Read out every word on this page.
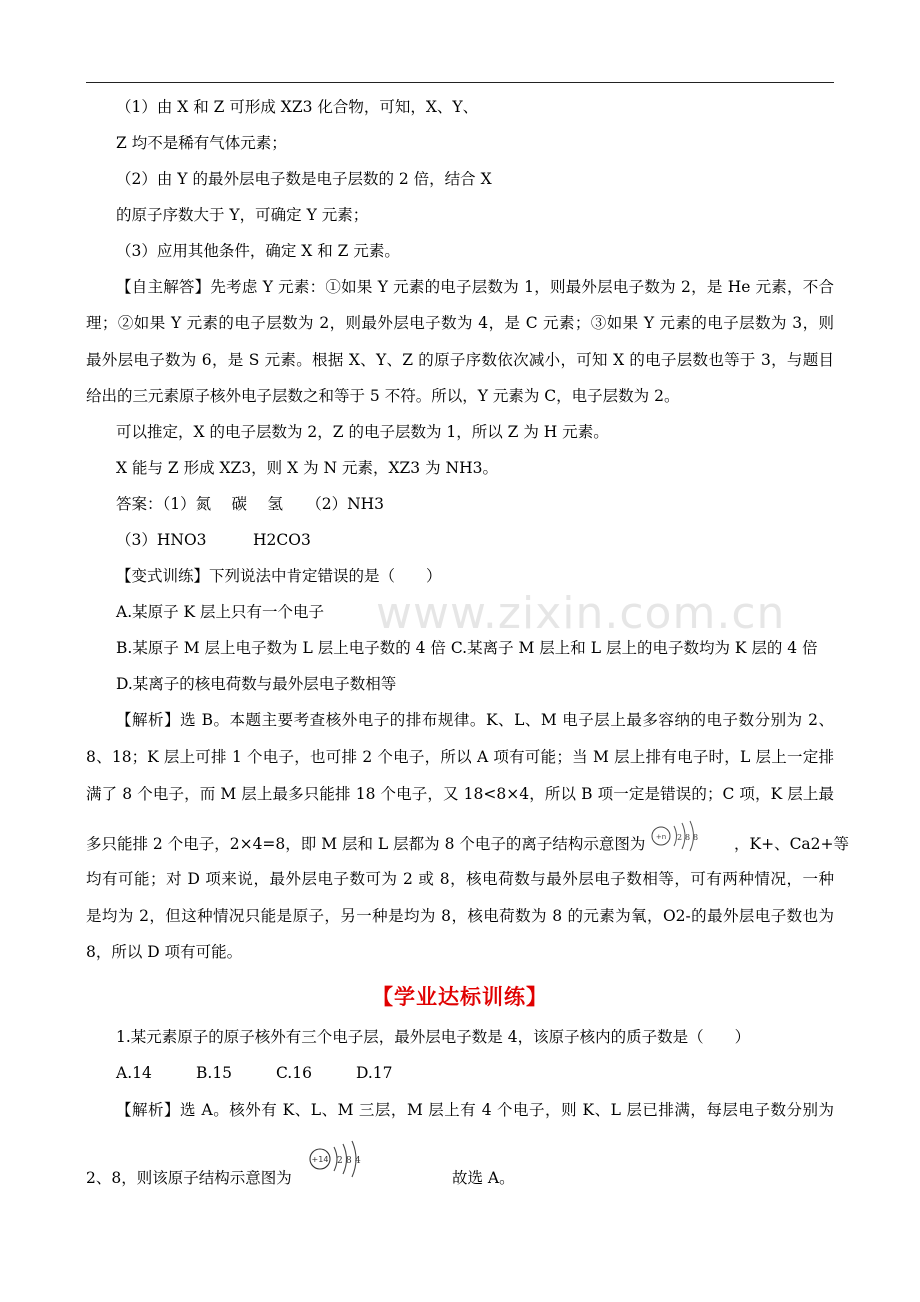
www.zixin.com.cn
（1）由 X 和 Z 可形成 XZ3 化合物，可知，X、Y、
Z 均不是稀有气体元素；
（2）由 Y 的最外层电子数是电子层数的 2 倍，结合 X
的原子序数大于 Y，可确定 Y 元素；
（3）应用其他条件，确定 X 和 Z 元素。
【自主解答】先考虑 Y 元素：①如果 Y 元素的电子层数为 1，则最外层电子数为 2，是 He 元素，不合
理；②如果 Y 元素的电子层数为 2，则最外层电子数为 4，是 C 元素；③如果 Y 元素的电子层数为 3，则
最外层电子数为 6，是 S 元素。根据 X、Y、Z 的原子序数依次减小，可知 X 的电子层数也等于 3，与题目
给出的三元素原子核外电子层数之和等于 5 不符。所以，Y 元素为 C，电子层数为 2。
可以推定，X 的电子层数为 2，Z 的电子层数为 1，所以 Z 为 H 元素。
X 能与 Z 形成 XZ3，则 X 为 N 元素，XZ3 为 NH3。
答案：（1）氮　 碳　 氢　　（2）NH3
（3）HNO3　　　H2CO3
【变式训练】下列说法中肯定错误的是（　　）
A.某原子 K 层上只有一个电子
B.某原子 M 层上电子数为 L 层上电子数的 4 倍 C.某离子 M 层上和 L 层上的电子数均为 K 层的 4 倍
D.某离子的核电荷数与最外层电子数相等
【解析】选 B。本题主要考查核外电子的排布规律。K、L、M 电子层上最多容纳的电子数分别为 2、
8、18；K 层上可排 1 个电子，也可排 2 个电子，所以 A 项有可能；当 M 层上排有电子时，L 层上一定排
满了 8 个电子，而 M 层上最多只能排 18 个电子，又 18<8×4，所以 B 项一定是错误的；C 项，K 层上最
多只能排 2 个电子，2×4=8，即 M 层和 L 层都为 8 个电子的离子结构示意图为 +n 2 8 8 ，K+、Ca2+等
均有可能；对 D 项来说，最外层电子数可为 2 或 8，核电荷数与最外层电子数相等，可有两种情况，一种
是均为 2，但这种情况只能是原子，另一种是均为 8，核电荷数为 8 的元素为氧，O2-的最外层电子数也为
8，所以 D 项有可能。
【学业达标训练】
1.某元素原子的原子核外有三个电子层，最外层电子数是 4，该原子核内的质子数是（　　）
A.14	B.15	C.16	D.17
【解析】选 A。核外有 K、L、M 三层，M 层上有 4 个电子，则 K、L 层已排满，每层电子数分别为
2、8，则该原子结构示意图为
+14 2 8 4
故选 A。
